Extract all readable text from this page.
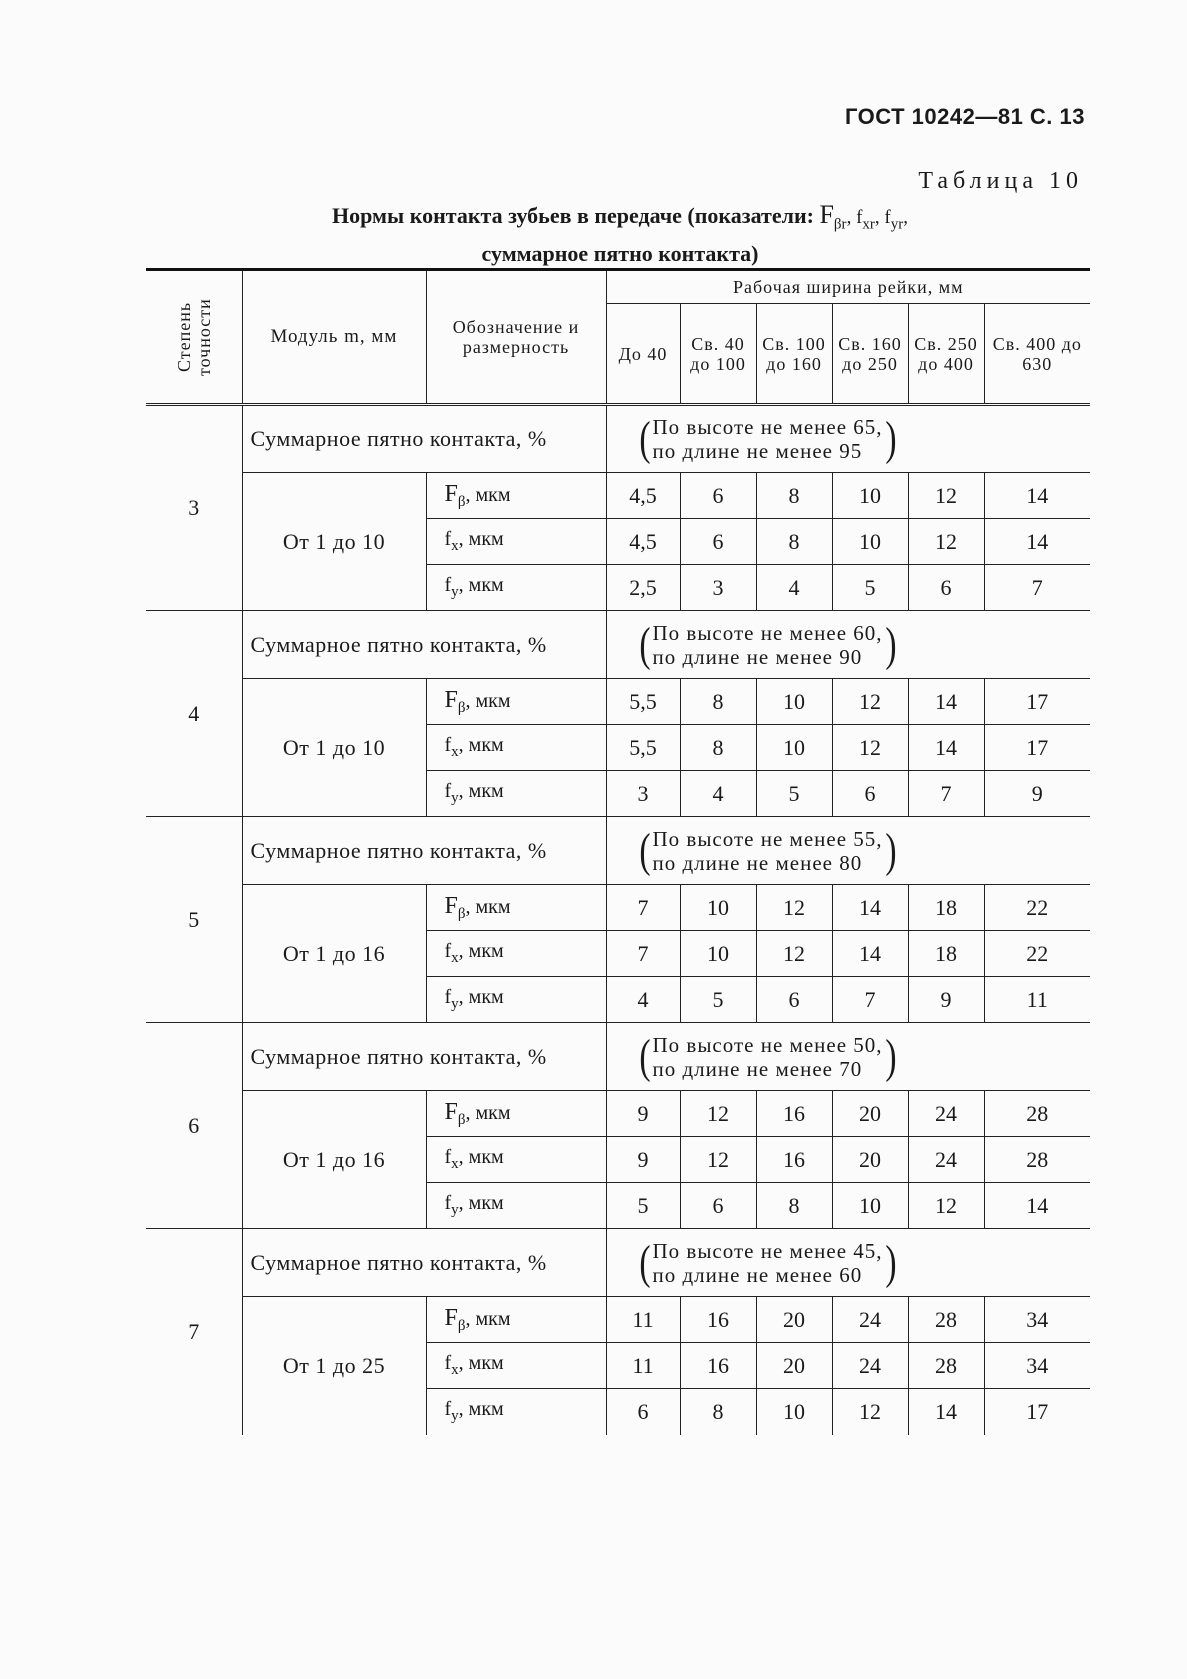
ГОСТ 10242—81 С. 13
Таблица 10
Нормы контакта зубьев в передаче (показатели: $F_{\beta r}$, $f_{xr}$, $f_{yr}$,
суммарное пятно контакта)
Степень точности	Модуль m, мм	Обозначение и размерность	Рабочая ширина рейки, мм					
			До 40	Св. 40 до 100	Св. 100 до 160	Св. 160 до 250	Св. 250 до 400	Св. 400 до 630
3	Суммарное пятно контакта, %		( По высоте не менее 65,
по длине не менее 95 )					

	От 1 до 10	$F_\beta$, мкм	4,5	6	8	10	12	14
		$f_x$, мкм	4,5	6	8	10	12	14
		$f_y$, мкм	2,5	3	4	5	6	7
4	Суммарное пятно контакта, %		( По высоте не менее 60,
по длине не менее 90 )					

	От 1 до 10	$F_\beta$, мкм	5,5	8	10	12	14	17
		$f_x$, мкм	5,5	8	10	12	14	17
		$f_y$, мкм	3	4	5	6	7	9
5	Суммарное пятно контакта, %		( По высоте не менее 55,
по длине не менее 80 )					

	От 1 до 16	$F_\beta$, мкм	7	10	12	14	18	22
		$f_x$, мкм	7	10	12	14	18	22
		$f_y$, мкм	4	5	6	7	9	11
6	Суммарное пятно контакта, %		( По высоте не менее 50,
по длине не менее 70 )					

	От 1 до 16	$F_\beta$, мкм	9	12	16	20	24	28
		$f_x$, мкм	9	12	16	20	24	28
		$f_y$, мкм	5	6	8	10	12	14
7	Суммарное пятно контакта, %		( По высоте не менее 45,
по длине не менее 60 )					

	От 1 до 25	$F_\beta$, мкм	11	16	20	24	28	34
		$f_x$, мкм	11	16	20	24	28	34
		$f_y$, мкм	6	8	10	12	14	17
